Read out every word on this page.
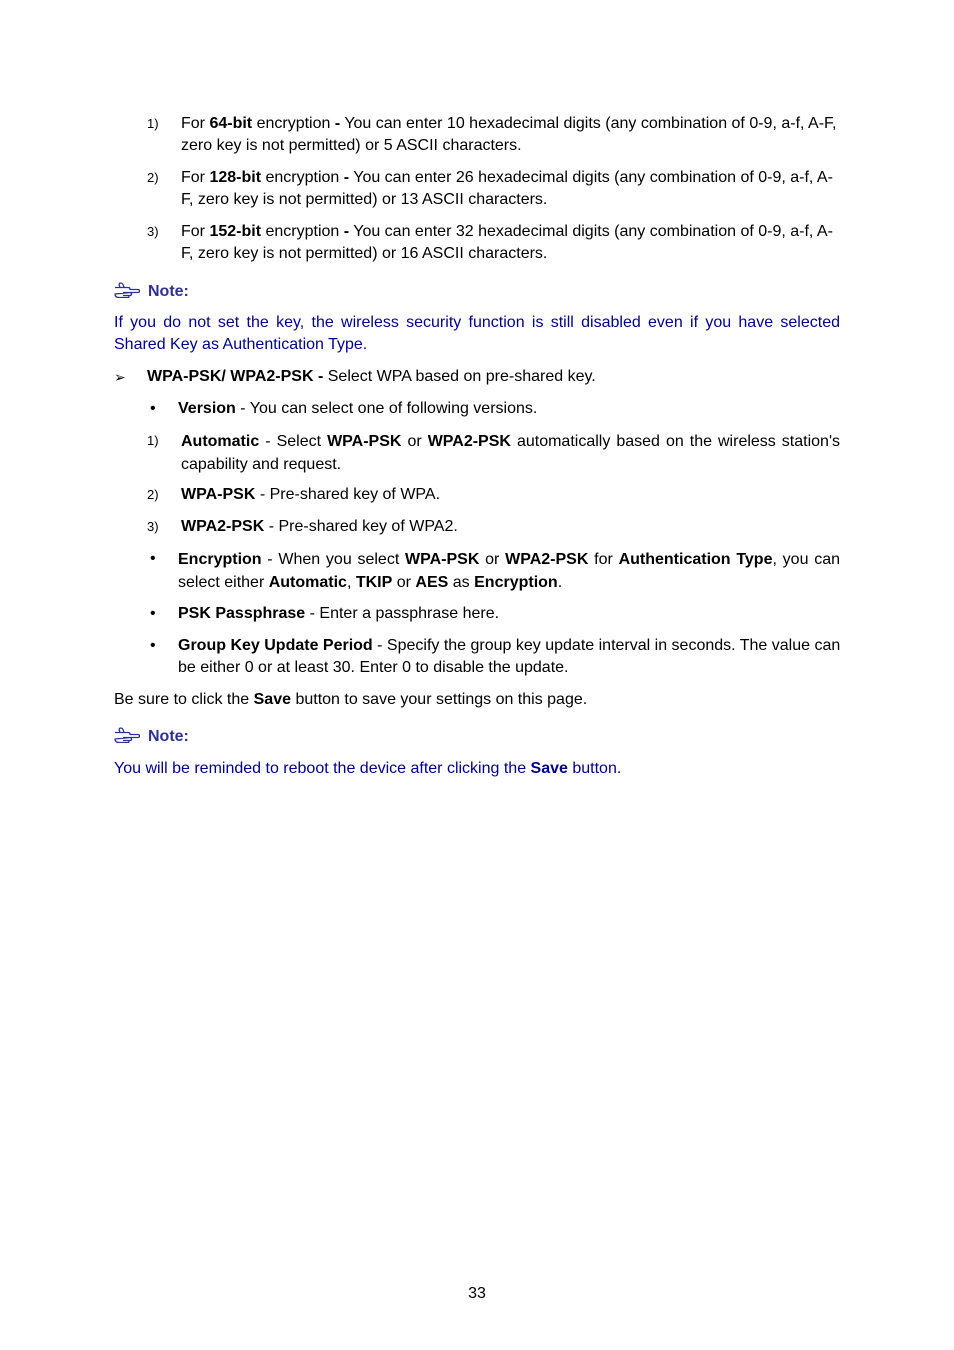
1) For 64-bit encryption - You can enter 10 hexadecimal digits (any combination of 0-9, a-f, A-F, zero key is not permitted) or 5 ASCII characters.
2) For 128-bit encryption - You can enter 26 hexadecimal digits (any combination of 0-9, a-f, A-F, zero key is not permitted) or 13 ASCII characters.
3) For 152-bit encryption - You can enter 32 hexadecimal digits (any combination of 0-9, a-f, A-F, zero key is not permitted) or 16 ASCII characters.
Note:
If you do not set the key, the wireless security function is still disabled even if you have selected Shared Key as Authentication Type.
➢ WPA-PSK/ WPA2-PSK - Select WPA based on pre-shared key.
• Version - You can select one of following versions.
1) Automatic - Select WPA-PSK or WPA2-PSK automatically based on the wireless station's capability and request.
2) WPA-PSK - Pre-shared key of WPA.
3) WPA2-PSK - Pre-shared key of WPA2.
• Encryption - When you select WPA-PSK or WPA2-PSK for Authentication Type, you can select either Automatic, TKIP or AES as Encryption.
• PSK Passphrase - Enter a passphrase here.
• Group Key Update Period - Specify the group key update interval in seconds. The value can be either 0 or at least 30. Enter 0 to disable the update.
Be sure to click the Save button to save your settings on this page.
Note:
You will be reminded to reboot the device after clicking the Save button.
33
